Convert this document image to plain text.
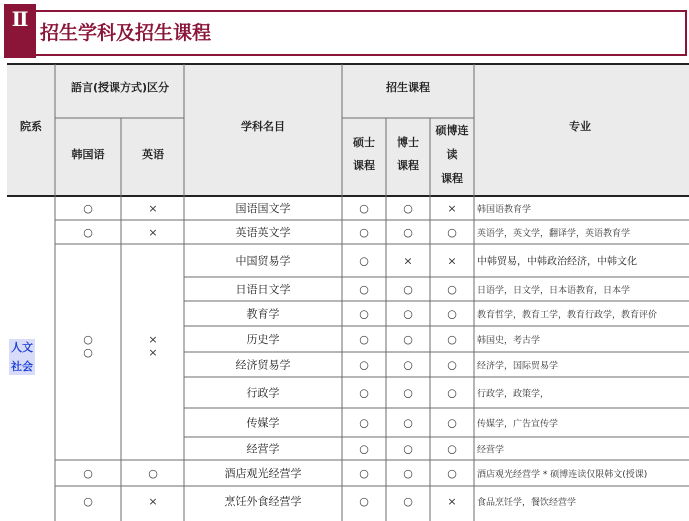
Ⅱ
招生学科及招生课程
院系
語言(授课方式)区分
韩国语	英语
学科名目
招生课程
硕士
课程
博士
课程
硕博连
读
课程
专业
人文
社会
○	×
○	×	国语国文学	○	○	× 韩国语教育学
○	×	英语英文学	○	○	○ 英语学，英文学，翻译学，英语教育学
中国贸易学	○	×	× 中韩贸易，中韩政治经济，中韩文化
日语日文学	○	○	○ 日语学，日文学，日本语教育，日本学
教育学	○	○	○ 教育哲学，教育工学，教育行政学，教育评价
○	×	历史学	○	○	○ 韩国史，考古学
经济贸易学	○	○	○ 经济学，国际贸易学
行政学	○	○	○ 行政学，政策学，
传媒学	○	○	○ 传媒学，广告宣传学
经营学	○	○	○ 经营学
○	○	酒店观光经营学	○	○	○ 酒店观光经营学 * 硕博连读仅限韩文(授课)
○	×	烹饪外食经营学	○	○	× 食品烹饪学，餐饮经营学
